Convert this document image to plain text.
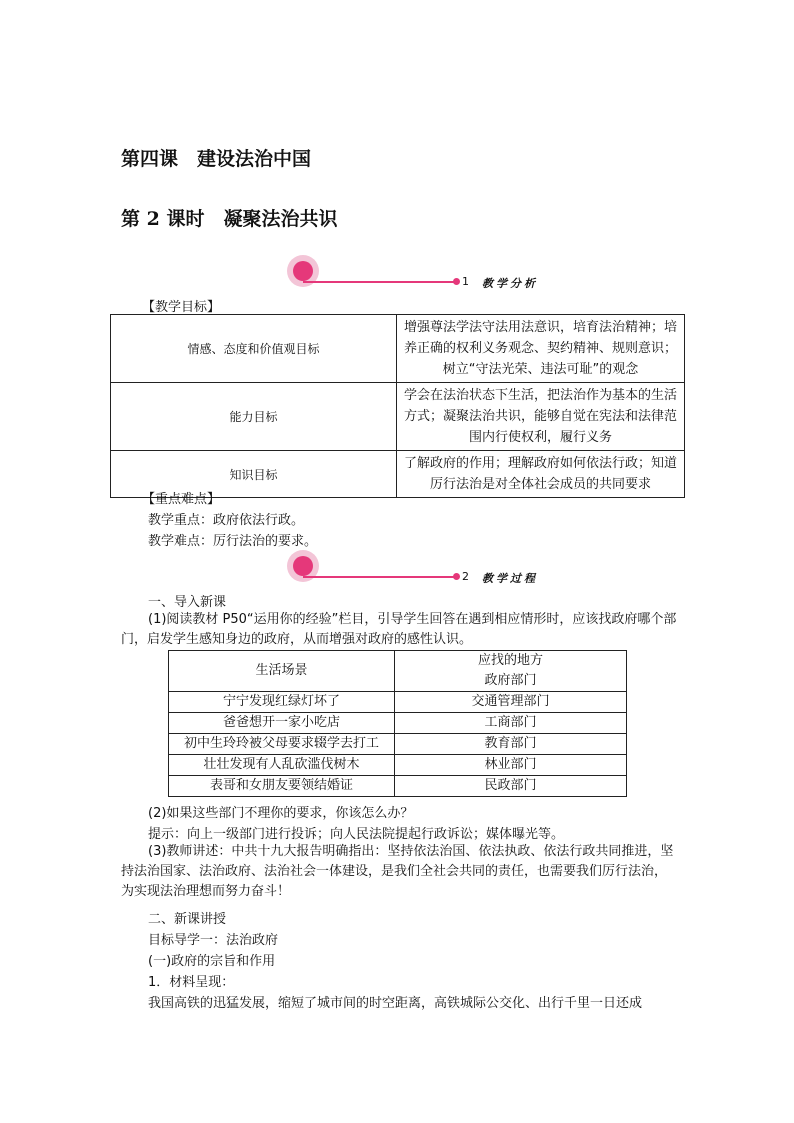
第四课　建设法治中国
第 2 课时　凝聚法治共识
1 教学分析
【教学目标】
情感、态度和价值观目标	增强尊法学法守法用法意识，培育法治精神；培养正确的权利义务观念、契约精神、规则意识；树立“守法光荣、违法可耻”的观念
能力目标	学会在法治状态下生活，把法治作为基本的生活方式；凝聚法治共识，能够自觉在宪法和法律范围内行使权利，履行义务
知识目标	了解政府的作用；理解政府如何依法行政；知道厉行法治是对全体社会成员的共同要求
【重点难点】
教学重点：政府依法行政。
教学难点：厉行法治的要求。
2 教学过程
一、导入新课
(1)阅读教材 P50“运用你的经验”栏目，引导学生回答在遇到相应情形时，应该找政府哪个部门，启发学生感知身边的政府，从而增强对政府的感性认识。
生活场景	应找的地方
政府部门

宁宁发现红绿灯坏了	交通管理部门
爸爸想开一家小吃店	工商部门
初中生玲玲被父母要求辍学去打工	教育部门
壮壮发现有人乱砍滥伐树木	林业部门
表哥和女朋友要领结婚证	民政部门
(2)如果这些部门不理你的要求，你该怎么办？
提示：向上一级部门进行投诉；向人民法院提起行政诉讼；媒体曝光等。
(3)教师讲述：中共十九大报告明确指出：坚持依法治国、依法执政、依法行政共同推进，坚持法治国家、法治政府、法治社会一体建设，是我们全社会共同的责任，也需要我们厉行法治，为实现法治理想而努力奋斗！
二、新课讲授
目标导学一：法治政府
(一)政府的宗旨和作用
1．材料呈现：
我国高铁的迅猛发展，缩短了城市间的时空距离，高铁城际公交化、出行千里一日还成
